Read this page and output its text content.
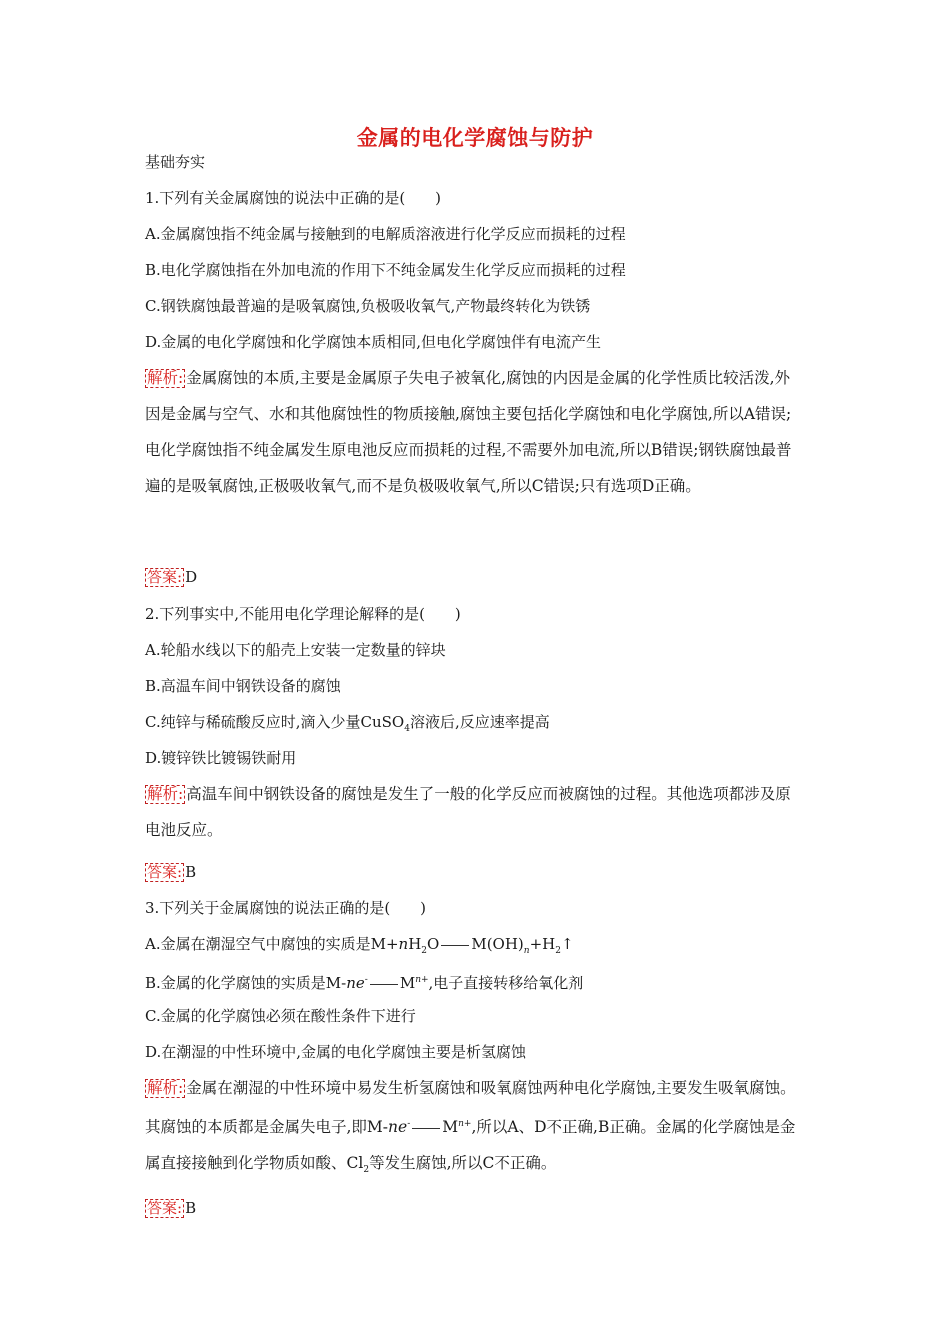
金属的电化学腐蚀与防护
基础夯实
1.下列有关金属腐蚀的说法中正确的是(　　)
A.金属腐蚀指不纯金属与接触到的电解质溶液进行化学反应而损耗的过程
B.电化学腐蚀指在外加电流的作用下不纯金属发生化学反应而损耗的过程
C.钢铁腐蚀最普遍的是吸氧腐蚀,负极吸收氧气,产物最终转化为铁锈
D.金属的电化学腐蚀和化学腐蚀本质相同,但电化学腐蚀伴有电流产生
解析: 金属腐蚀的本质,主要是金属原子失电子被氧化,腐蚀的内因是金属的化学性质比较活泼,外因是金属与空气、水和其他腐蚀性的物质接触,腐蚀主要包括化学腐蚀和电化学腐蚀,所以A错误;电化学腐蚀指不纯金属发生原电池反应而损耗的过程,不需要外加电流,所以B错误;钢铁腐蚀最普遍的是吸氧腐蚀,正极吸收氧气,而不是负极吸收氧气,所以C错误;只有选项D正确。
答案: D
2.下列事实中,不能用电化学理论解释的是(　　)
A.轮船水线以下的船壳上安装一定数量的锌块
B.高温车间中钢铁设备的腐蚀
C.纯锌与稀硫酸反应时,滴入少量CuSO$_4$溶液后,反应速率提高
D.镀锌铁比镀锡铁耐用
解析: 高温车间中钢铁设备的腐蚀是发生了一般的化学反应而被腐蚀的过程。其他选项都涉及原电池反应。
答案: B
3.下列关于金属腐蚀的说法正确的是(　　)
A.金属在潮湿空气中腐蚀的实质是$M+nH_2O$ $M(OH)_n+H_2↑$
B.金属的化学腐蚀的实质是M-ne- $M^{n+}$,电子直接转移给氧化剂
C.金属的化学腐蚀必须在酸性条件下进行
D.在潮湿的中性环境中,金属的电化学腐蚀主要是析氢腐蚀
解析: 金属在潮湿的中性环境中易发生析氢腐蚀和吸氧腐蚀两种电化学腐蚀,主要发生吸氧腐蚀。其腐蚀的本质都是金属失电子,即M-ne- $M^{n+}$,所以A、D不正确,B正确。金属的化学腐蚀是金属直接接触到化学物质如酸、$Cl_2$等发生腐蚀,所以C不正确。
答案: B
